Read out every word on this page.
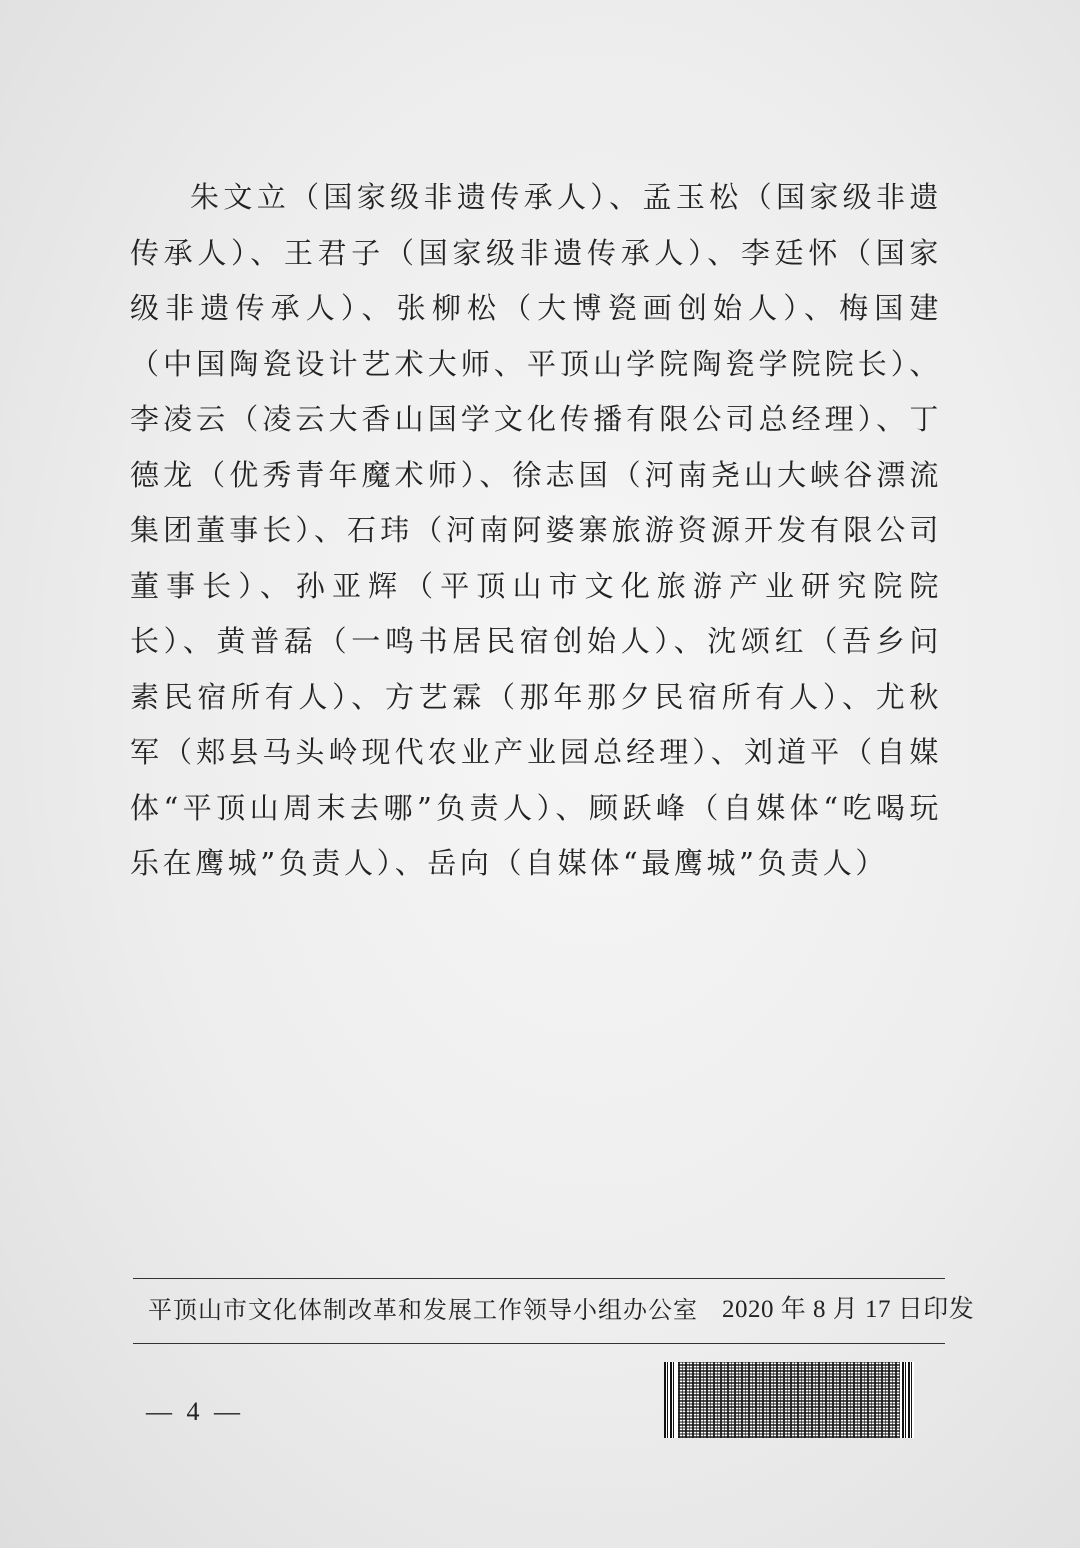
朱文立（国家级非遗传承人）、孟玉松（国家级非遗传承人）、王君子（国家级非遗传承人）、李廷怀（国家级非遗传承人）、张柳松（大博瓷画创始人）、梅国建（中国陶瓷设计艺术大师、平顶山学院陶瓷学院院长）、李凌云（凌云大香山国学文化传播有限公司总经理）、丁德龙（优秀青年魔术师）、徐志国（河南尧山大峡谷漂流集团董事长）、石玮（河南阿婆寨旅游资源开发有限公司董事长）、孙亚辉（平顶山市文化旅游产业研究院院长）、黄普磊（一鸣书居民宿创始人）、沈颂红（吾乡问素民宿所有人）、方艺霖（那年那夕民宿所有人）、尤秋军（郏县马头岭现代农业产业园总经理）、刘道平（自媒体“平顶山周末去哪”负责人）、顾跃峰（自媒体“吃喝玩乐在鹰城”负责人）、岳向（自媒体“最鹰城”负责人）
平顶山市文化体制改革和发展工作领导小组办公室 2020 年 8 月 17 日印发
— 4 —
